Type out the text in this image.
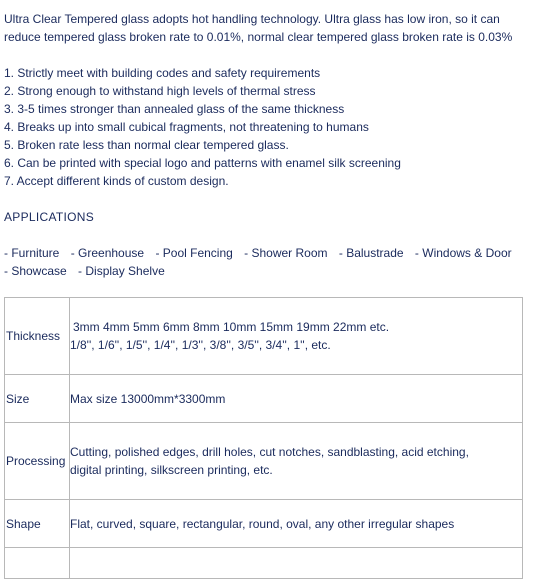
Ultra Clear Tempered glass adopts hot handling technology. Ultra glass has low iron, so it can
reduce tempered glass broken rate to 0.01%, normal clear tempered glass broken rate is 0.03%

1. Strictly meet with building codes and safety requirements
2. Strong enough to withstand high levels of thermal stress
3. 3-5 times stronger than annealed glass of the same thickness
4. Breaks up into small cubical fragments, not threatening to humans
5. Broken rate less than normal clear tempered glass.
6. Can be printed with special logo and patterns with enamel silk screening
7. Accept different kinds of custom design.

APPLICATIONS

- Furniture - Greenhouse - Pool Fencing - Shower Room - Balustrade - Windows & Door
- Showcase - Display Shelve

Thickness	3mm 4mm 5mm 6mm 8mm 10mm 15mm 19mm 22mm etc.
1/8'', 1/6'', 1/5'', 1/4'', 1/3'', 3/8'', 3/5'', 3/4'', 1'', etc.
Size	Max size 13000mm*3300mm
Processing	Cutting, polished edges, drill holes, cut notches, sandblasting, acid etching,
digital printing, silkscreen printing, etc.
Shape	Flat, curved, square, rectangular, round, oval, any other irregular shapes
